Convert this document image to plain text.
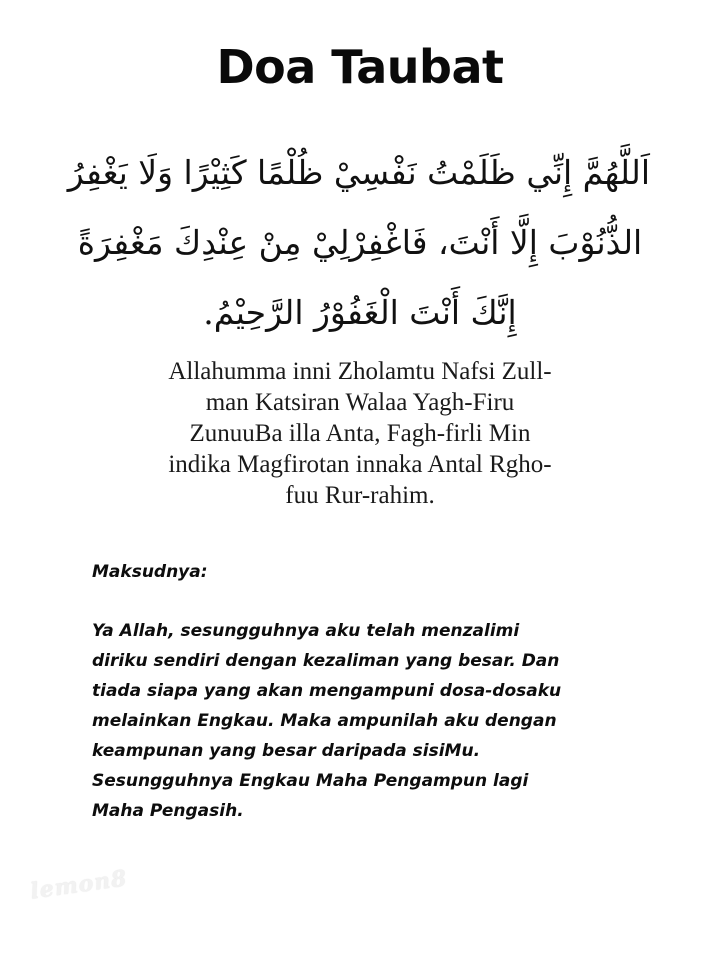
Doa Taubat
اَللَّهُمَّ إِنِّي ظَلَمْتُ نَفْسِيْ ظُلْمًا كَثِيْرًا وَلَا يَغْفِرُ
الذُّنُوْبَ إِلَّا أَنْتَ، فَاغْفِرْلِيْ مِنْ عِنْدِكَ مَغْفِرَةً
إِنَّكَ أَنْتَ الْغَفُوْرُ الرَّحِيْمُ.
Allahumma inni Zholamtu Nafsi Zull-
man Katsiran Walaa Yagh-Firu
ZunuuBa illa Anta, Fagh-firli Min
indika Magfirotan innaka Antal Rgho-
fuu Rur-rahim.
Maksudnya:
Ya Allah, sesungguhnya aku telah menzalimi
diriku sendiri dengan kezaliman yang besar. Dan
tiada siapa yang akan mengampuni dosa-dosaku
melainkan Engkau. Maka ampunilah aku dengan
keampunan yang besar daripada sisiMu.
Sesungguhnya Engkau Maha Pengampun lagi
Maha Pengasih.
lemon8
